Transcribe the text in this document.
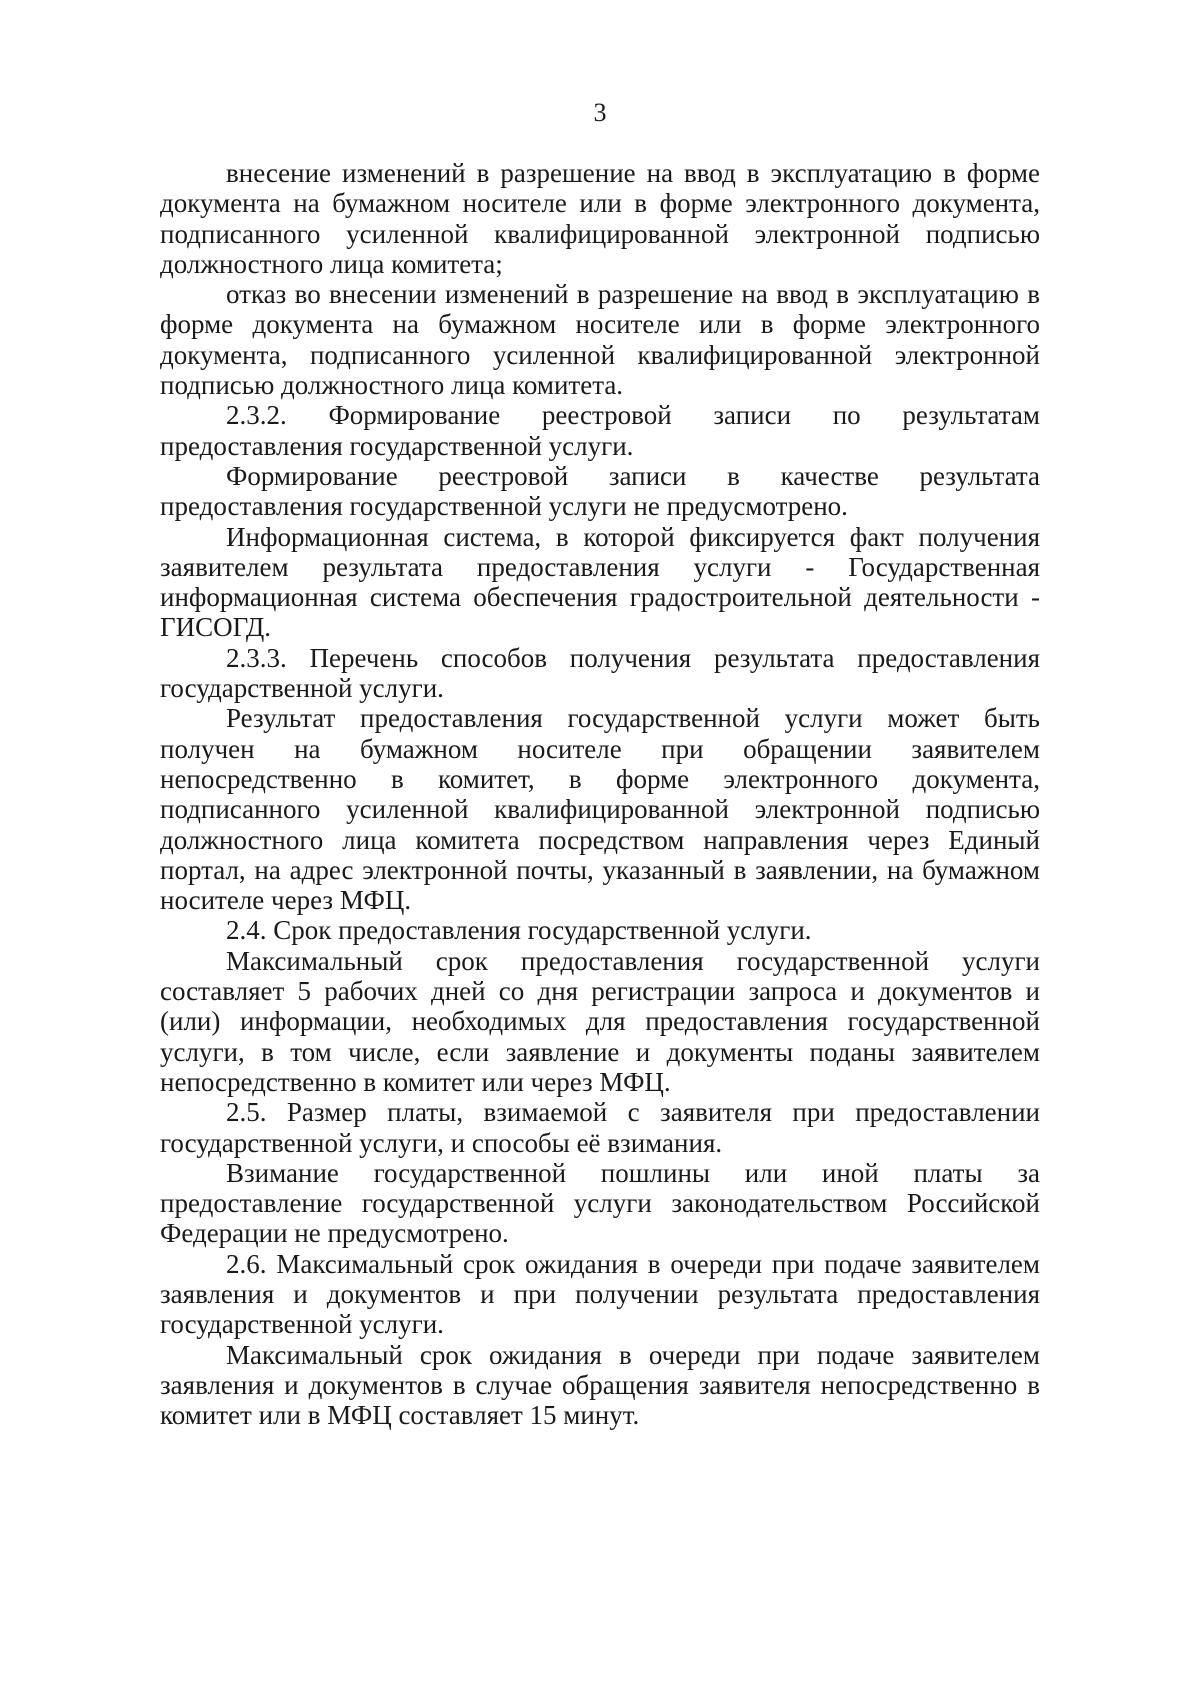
3

внесение изменений в разрешение на ввод в эксплуатацию в форме документа на бумажном носителе или в форме электронного документа, подписанного усиленной квалифицированной электронной подписью должностного лица комитета;

отказ во внесении изменений в разрешение на ввод в эксплуатацию в форме документа на бумажном носителе или в форме электронного документа, подписанного усиленной квалифицированной электронной подписью должностного лица комитета.

2.3.2. Формирование реестровой записи по результатам предоставления государственной услуги.

Формирование реестровой записи в качестве результата предоставления государственной услуги не предусмотрено.

Информационная система, в которой фиксируется факт получения заявителем результата предоставления услуги - Государственная информационная система обеспечения градостроительной деятельности - ГИСОГД.

2.3.3. Перечень способов получения результата предоставления государственной услуги.

Результат предоставления государственной услуги может быть получен на бумажном носителе при обращении заявителем непосредственно в комитет, в форме электронного документа, подписанного усиленной квалифицированной электронной подписью должностного лица комитета посредством направления через Единый портал, на адрес электронной почты, указанный в заявлении, на бумажном носителе через МФЦ.

2.4. Срок предоставления государственной услуги.

Максимальный срок предоставления государственной услуги составляет 5 рабочих дней со дня регистрации запроса и документов и (или) информации, необходимых для предоставления государственной услуги, в том числе, если заявление и документы поданы заявителем непосредственно в комитет или через МФЦ.

2.5. Размер платы, взимаемой с заявителя при предоставлении государственной услуги, и способы её взимания.

Взимание государственной пошлины или иной платы за предоставление государственной услуги законодательством Российской Федерации не предусмотрено.

2.6. Максимальный срок ожидания в очереди при подаче заявителем заявления и документов и при получении результата предоставления государственной услуги.

Максимальный срок ожидания в очереди при подаче заявителем заявления и документов в случае обращения заявителя непосредственно в комитет или в МФЦ составляет 15 минут.
